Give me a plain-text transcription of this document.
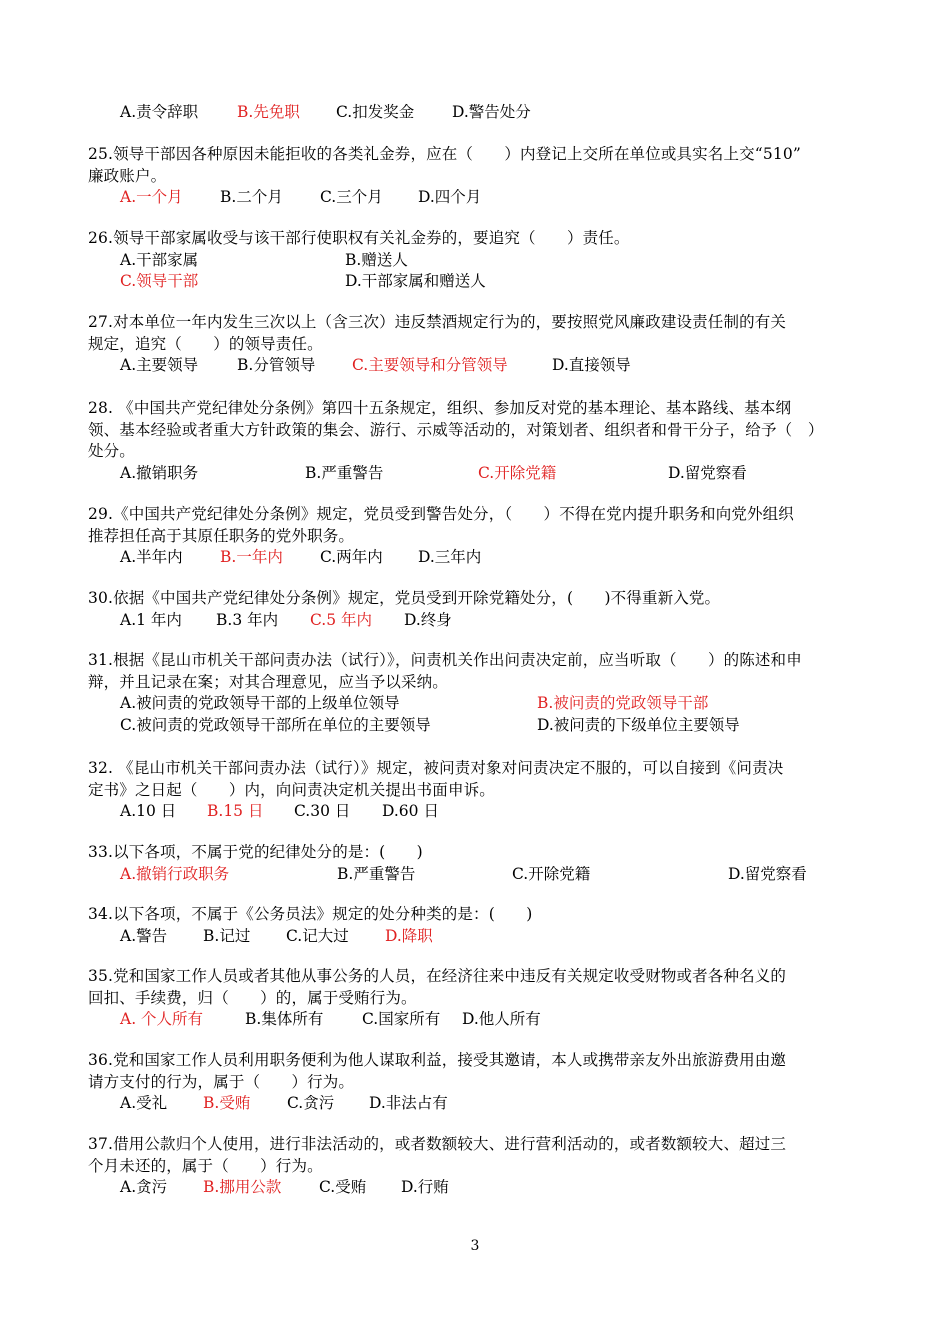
A.责令辞职	B.先免职 C.扣发奖金 D.警告处分
25.领导干部因各种原因未能拒收的各类礼金券，应在（　　）内登记上交所在单位或具实名上交“510”
廉政账户。
A.一个月 B.二个月 C.三个月 D.四个月
26.领导干部家属收受与该干部行使职权有关礼金券的，要追究（　　）责任。
A.干部家属	B.赠送人
C.领导干部	D.干部家属和赠送人
27.对本单位一年内发生三次以上（含三次）违反禁酒规定行为的，要按照党风廉政建设责任制的有关
规定，追究（　　）的领导责任。
A.主要领导	B.分管领导 C.主要领导和分管领导	D.直接领导
28. 《中国共产党纪律处分条例》第四十五条规定，组织、参加反对党的基本理论、基本路线、基本纲
领、基本经验或者重大方针政策的集会、游行、示威等活动的，对策划者、组织者和骨干分子，给予（　）
处分。
A.撤销职务	B.严重警告	C.开除党籍	D.留党察看
29.《中国共产党纪律处分条例》规定，党员受到警告处分，（　　）不得在党内提升职务和向党外组织
推荐担任高于其原任职务的党外职务。
A.半年内 B.一年内 C.两年内 D.三年内
30.依据《中国共产党纪律处分条例》规定，党员受到开除党籍处分，(　　)不得重新入党。
A.1 年内 B.3 年内 C.5 年内 D.终身
31.根据《昆山市机关干部问责办法（试行）》，问责机关作出问责决定前，应当听取（　　）的陈述和申
辩，并且记录在案；对其合理意见，应当予以采纳。
A.被问责的党政领导干部的上级单位领导	B.被问责的党政领导干部
C.被问责的党政领导干部所在单位的主要领导	D.被问责的下级单位主要领导
32. 《昆山市机关干部问责办法（试行）》规定，被问责对象对问责决定不服的，可以自接到《问责决
定书》之日起（　　）内，向问责决定机关提出书面申诉。
A.10 日 B.15 日 C.30 日 D.60 日
33.以下各项，不属于党的纪律处分的是：(　　)
A.撤销行政职务	B.严重警告	C.开除党籍	D.留党察看
34.以下各项，不属于《公务员法》规定的处分种类的是：(　　)
A.警告 B.记过 C.记大过 D.降职
35.党和国家工作人员或者其他从事公务的人员，在经济往来中违反有关规定收受财物或者各种名义的
回扣、手续费，归（　　）的，属于受贿行为。
A. 个人所有	B.集体所有 C.国家所有 D.他人所有
36.党和国家工作人员利用职务便利为他人谋取利益，接受其邀请，本人或携带亲友外出旅游费用由邀
请方支付的行为，属于（　　）行为。
A.受礼 B.受贿 C.贪污 D.非法占有
37.借用公款归个人使用，进行非法活动的，或者数额较大、进行营利活动的，或者数额较大、超过三
个月未还的，属于（　　）行为。
A.贪污 B.挪用公款 C.受贿 D.行贿
3
